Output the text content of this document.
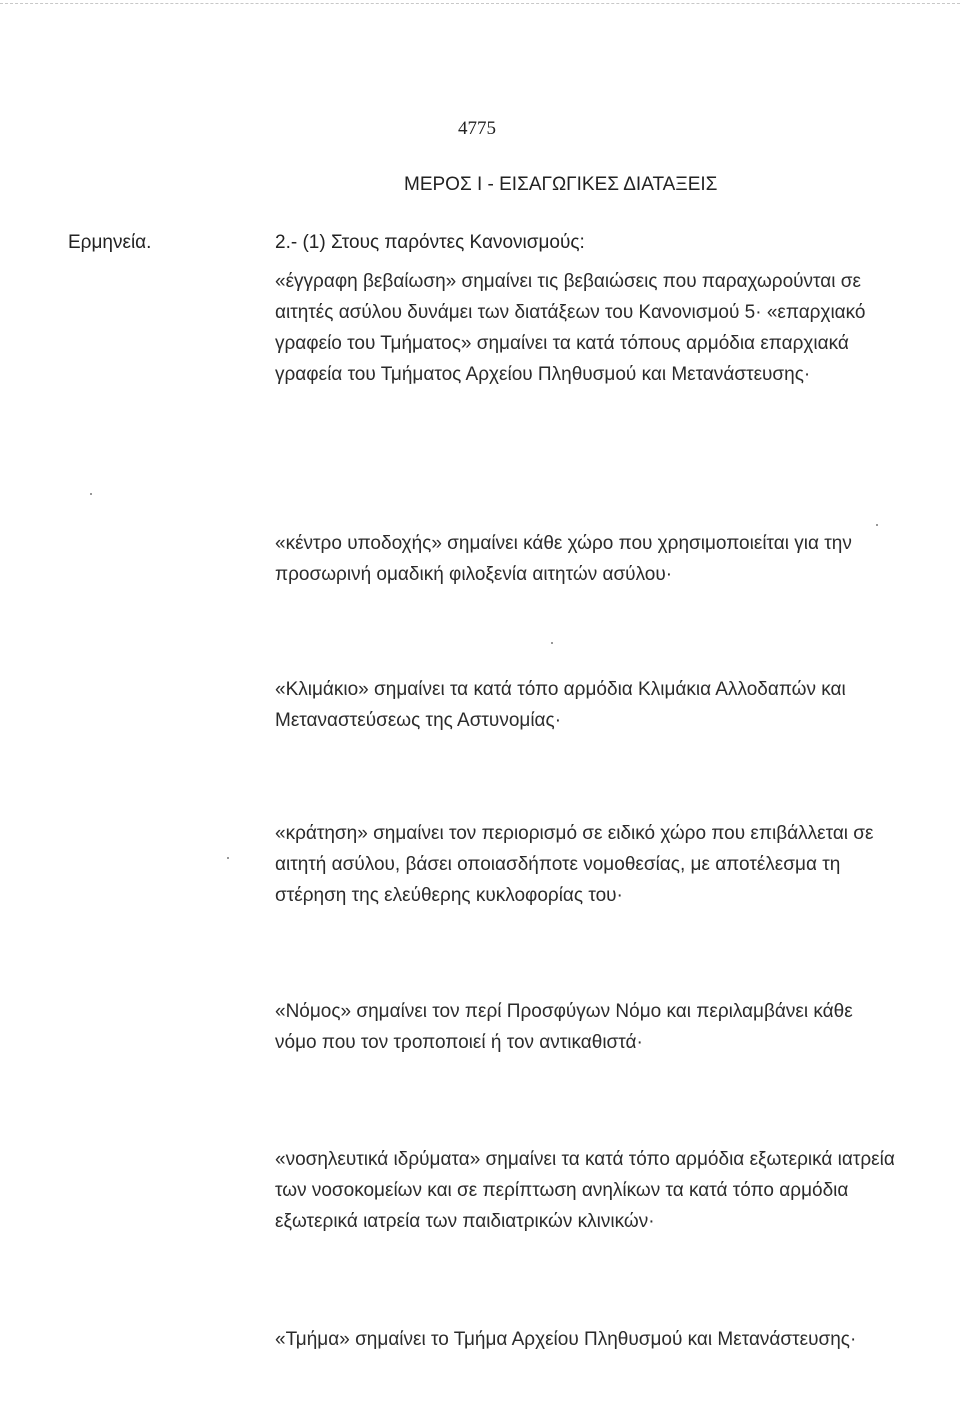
4775
ΜΕΡΟΣ Ι - ΕΙΣΑΓΩΓΙΚΕΣ ΔΙΑΤΑΞΕΙΣ
Ερμηνεία.	2.- (1) Στους παρόντες Κανονισμούς:

«έγγραφη βεβαίωση» σημαίνει τις βεβαιώσεις που παραχωρούνται σε αιτητές ασύλου δυνάμει των διατάξεων του Κανονισμού 5· «επαρχιακό γραφείο του Τμήματος» σημαίνει τα κατά τόπους αρμόδια επαρχιακά γραφεία του Τμήματος Αρχείου Πληθυσμού και Μετανάστευσης·

«κέντρο υποδοχής» σημαίνει κάθε χώρο που χρησιμοποιείται για την προσωρινή ομαδική φιλοξενία αιτητών ασύλου·

«Κλιμάκιο» σημαίνει τα κατά τόπο αρμόδια Κλιμάκια Αλλοδαπών και Μεταναστεύσεως της Αστυνομίας·

«κράτηση» σημαίνει τον περιορισμό σε ειδικό χώρο που επιβάλλεται σε αιτητή ασύλου, βάσει οποιασδήποτε νομοθεσίας, με αποτέλεσμα τη στέρηση της ελεύθερης κυκλοφορίας του·

«Νόμος» σημαίνει τον περί Προσφύγων Νόμο και περιλαμβάνει κάθε νόμο που τον τροποποιεί ή τον αντικαθιστά·

«νοσηλευτικά ιδρύματα» σημαίνει τα κατά τόπο αρμόδια εξωτερικά ιατρεία των νοσοκομείων και σε περίπτωση ανηλίκων τα κατά τόπο αρμόδια εξωτερικά ιατρεία των παιδιατρικών κλινικών·

«Τμήμα» σημαίνει το Τμήμα Αρχείου Πληθυσμού και Μετανάστευσης·
